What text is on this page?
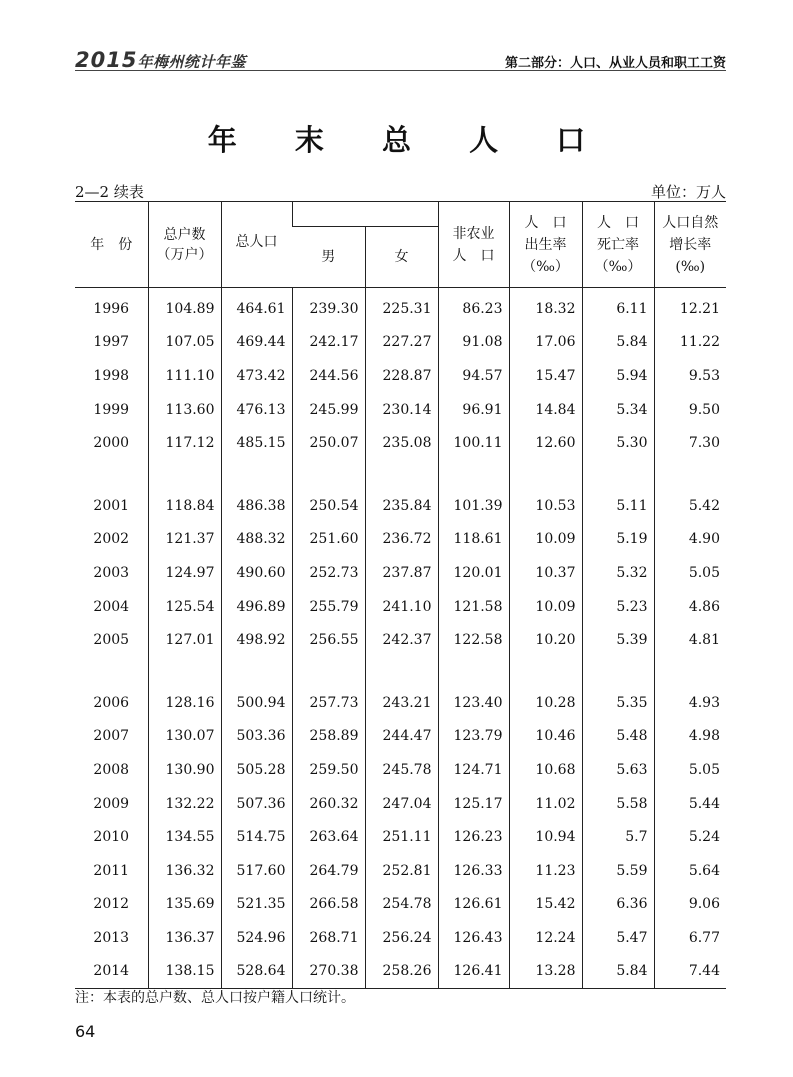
2015年梅州统计年鉴	第二部分：人口、从业人员和职工工资
年 末 总 人 口
2—2 续表	单位：万人
年　份	总户数（万户）	总人口			非农业人　口	人　口出生率（‰）	人　口死亡率（‰）	人口自然增长率(‰)
			男	女				
1996	104.89	464.61	239.30	225.31	86.23	18.32	6.11	12.21
1997	107.05	469.44	242.17	227.27	91.08	17.06	5.84	11.22
1998	111.10	473.42	244.56	228.87	94.57	15.47	5.94	9.53
1999	113.60	476.13	245.99	230.14	96.91	14.84	5.34	9.50
2000	117.12	485.15	250.07	235.08	100.11	12.60	5.30	7.30

2001	118.84	486.38	250.54	235.84	101.39	10.53	5.11	5.42
2002	121.37	488.32	251.60	236.72	118.61	10.09	5.19	4.90
2003	124.97	490.60	252.73	237.87	120.01	10.37	5.32	5.05
2004	125.54	496.89	255.79	241.10	121.58	10.09	5.23	4.86
2005	127.01	498.92	256.55	242.37	122.58	10.20	5.39	4.81

2006	128.16	500.94	257.73	243.21	123.40	10.28	5.35	4.93
2007	130.07	503.36	258.89	244.47	123.79	10.46	5.48	4.98
2008	130.90	505.28	259.50	245.78	124.71	10.68	5.63	5.05
2009	132.22	507.36	260.32	247.04	125.17	11.02	5.58	5.44
2010	134.55	514.75	263.64	251.11	126.23	10.94	5.7	5.24
2011	136.32	517.60	264.79	252.81	126.33	11.23	5.59	5.64
2012	135.69	521.35	266.58	254.78	126.61	15.42	6.36	9.06
2013	136.37	524.96	268.71	256.24	126.43	12.24	5.47	6.77
2014	138.15	528.64	270.38	258.26	126.41	13.28	5.84	7.44
注：本表的总户数、总人口按户籍人口统计。
64
